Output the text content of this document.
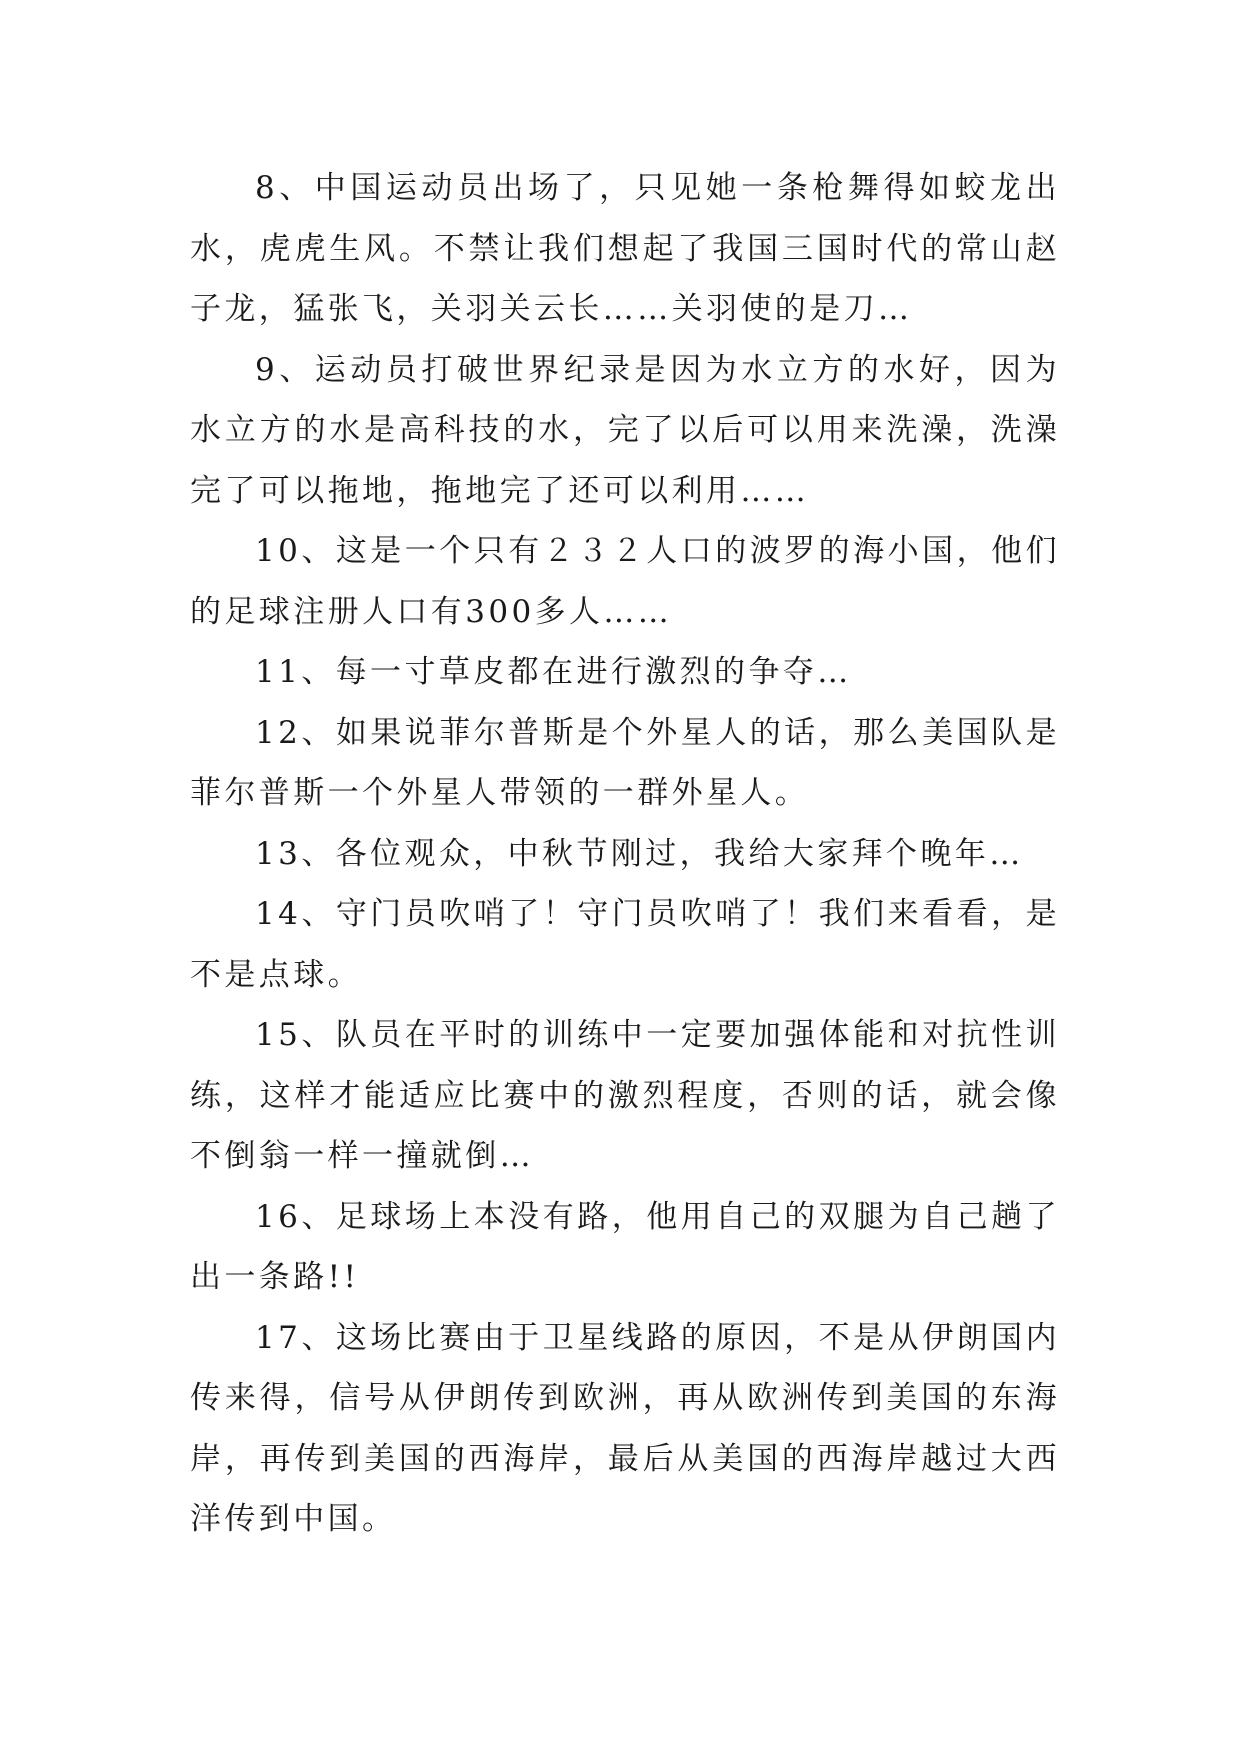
8、中国运动员出场了，只见她一条枪舞得如蛟龙出水，虎虎生风。不禁让我们想起了我国三国时代的常山赵子龙，猛张飞，关羽关云长……关羽使的是刀…

9、运动员打破世界纪录是因为水立方的水好，因为水立方的水是高科技的水，完了以后可以用来洗澡，洗澡完了可以拖地，拖地完了还可以利用……

10、这是一个只有２３２人口的波罗的海小国，他们的足球注册人口有300多人……

11、每一寸草皮都在进行激烈的争夺…

12、如果说菲尔普斯是个外星人的话，那么美国队是菲尔普斯一个外星人带领的一群外星人。

13、各位观众，中秋节刚过，我给大家拜个晚年…

14、守门员吹哨了！守门员吹哨了！我们来看看，是不是点球。

15、队员在平时的训练中一定要加强体能和对抗性训练，这样才能适应比赛中的激烈程度，否则的话，就会像不倒翁一样一撞就倒…

16、足球场上本没有路，他用自己的双腿为自己趟了出一条路!!

17、这场比赛由于卫星线路的原因，不是从伊朗国内传来得，信号从伊朗传到欧洲，再从欧洲传到美国的东海岸，再传到美国的西海岸，最后从美国的西海岸越过大西洋传到中国。
